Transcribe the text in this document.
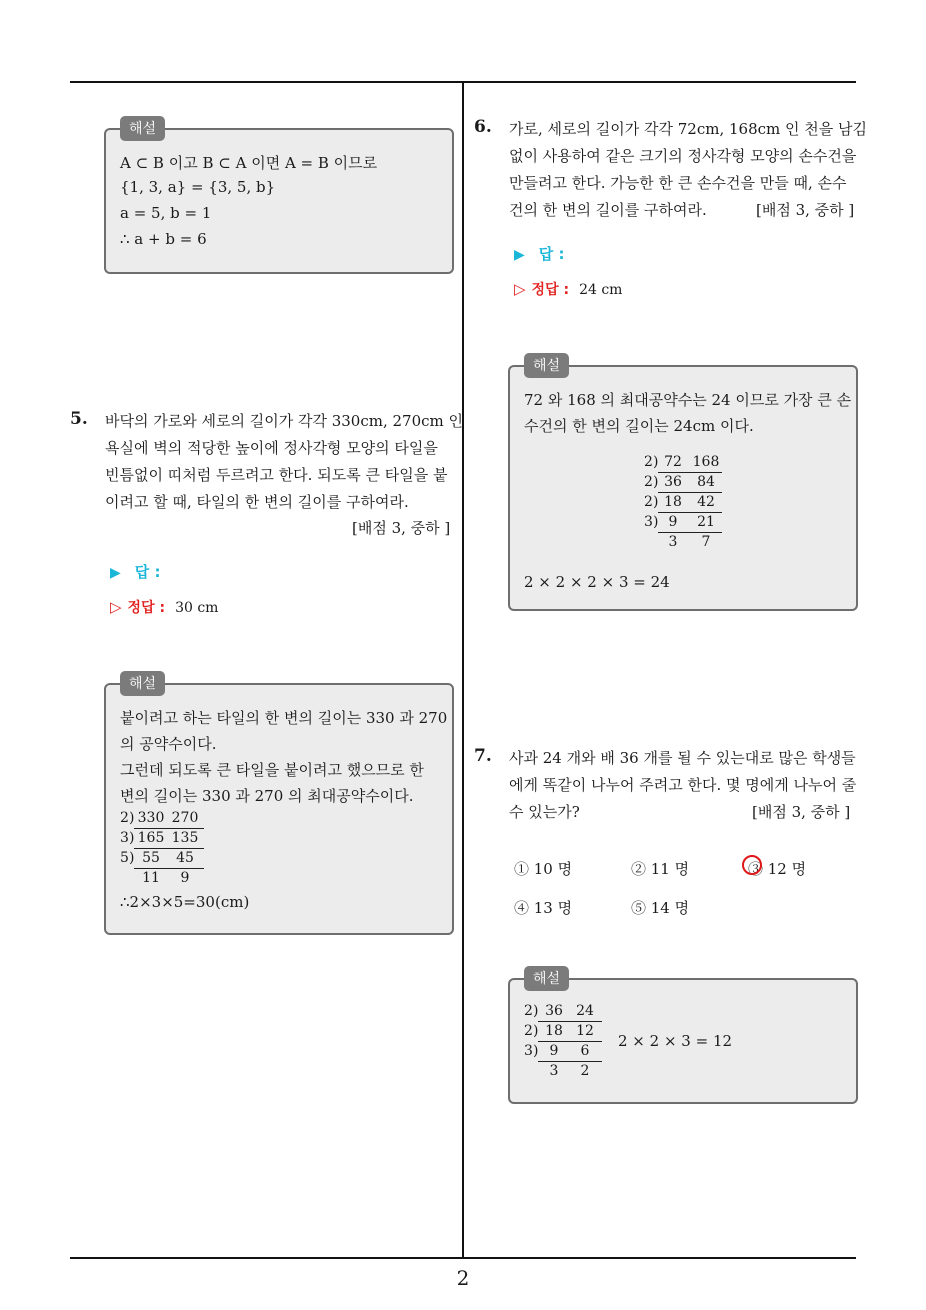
2
해설
A ⊂ B 이고 B ⊂ A 이면 A = B 이므로
{1, 3, a} = {3, 5, b}
a = 5, b = 1
∴ a + b = 6
5. 바닥의 가로와 세로의 길이가 각각 330cm, 270cm 인
욕실에 벽의 적당한 높이에 정사각형 모양의 타일을
빈틈없이 띠처럼 두르려고 한다. 되도록 큰 타일을 붙
이려고 할 때, 타일의 한 변의 길이를 구하여라.
[배점 3, 중하 ]
▶ 답 :
▷ 정답 : 30 cm
해설
붙이려고 하는 타일의 한 변의 길이는 330 과 270
의 공약수이다.
그런데 되도록 큰 타일을 붙이려고 했으므로 한
변의 길이는 330 과 270 의 최대공약수이다.
2 ) 330 270
3 ) 165 135
5 ) 55	45
11	9
∴2×3×5=30(cm)
6. 가로, 세로의 길이가 각각 72cm, 168cm 인 천을 남김
없이 사용하여 같은 크기의 정사각형 모양의 손수건을
만들려고 한다. 가능한 한 큰 손수건을 만들 때, 손수
건의 한 변의 길이를 구하여라.	[배점 3, 중하 ]
▶ 답 :
▷ 정답 : 24 cm
해설
72 와 168 의 최대공약수는 24 이므로 가장 큰 손
수건의 한 변의 길이는 24cm 이다.
2 ) 72 168
2 ) 36	84
2 ) 18	42
3 ) 9	21
3	7
2 × 2 × 2 × 3 = 24
7. 사과 24 개와 배 36 개를 될 수 있는대로 많은 학생들
에게 똑같이 나누어 주려고 한다. 몇 명에게 나누어 줄
수 있는가?	[배점 3, 중하 ]
① 10 명	② 11 명	③ 12 명
④ 13 명	⑤ 14 명
해설
2 ) 36 24
2 ) 18 12
3 ) 9	6
3	2
2 × 2 × 3 = 12
